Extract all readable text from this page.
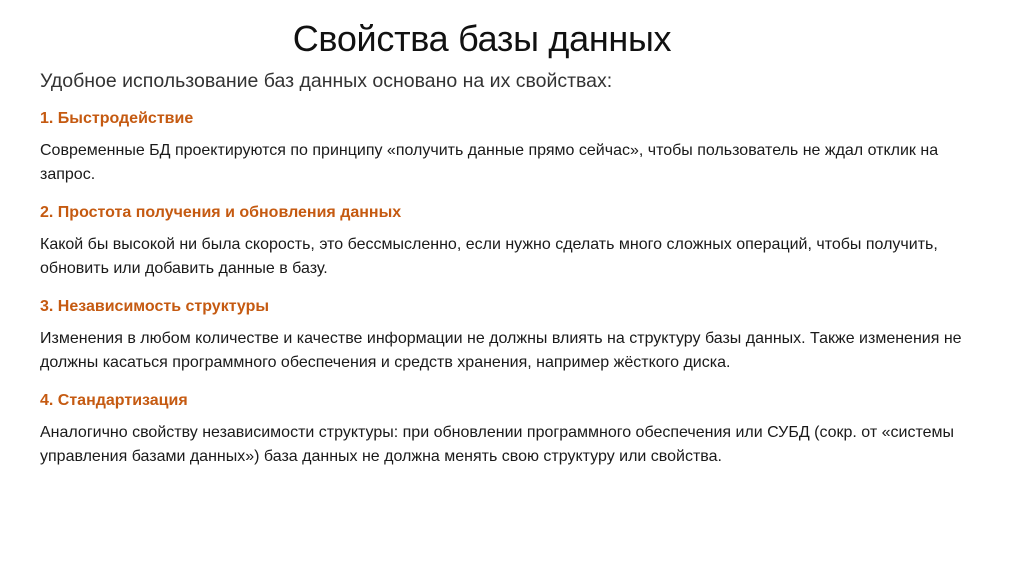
Свойства базы данных
Удобное использование баз данных основано на их свойствах:

1. Быстродействие

Современные БД проектируются по принципу «получить данные прямо сейчас», чтобы пользователь не ждал отклик на запрос.

2. Простота получения и обновления данных

Какой бы высокой ни была скорость, это бессмысленно, если нужно сделать много сложных операций, чтобы получить, обновить или добавить данные в базу.

3. Независимость структуры

Изменения в любом количестве и качестве информации не должны влиять на структуру базы данных. Также изменения не должны касаться программного обеспечения и средств хранения, например жёсткого диска.

4. Стандартизация

Аналогично свойству независимости структуры: при обновлении программного обеспечения или СУБД (сокр. от «системы управления базами данных») база данных не должна менять свою структуру или свойства.
